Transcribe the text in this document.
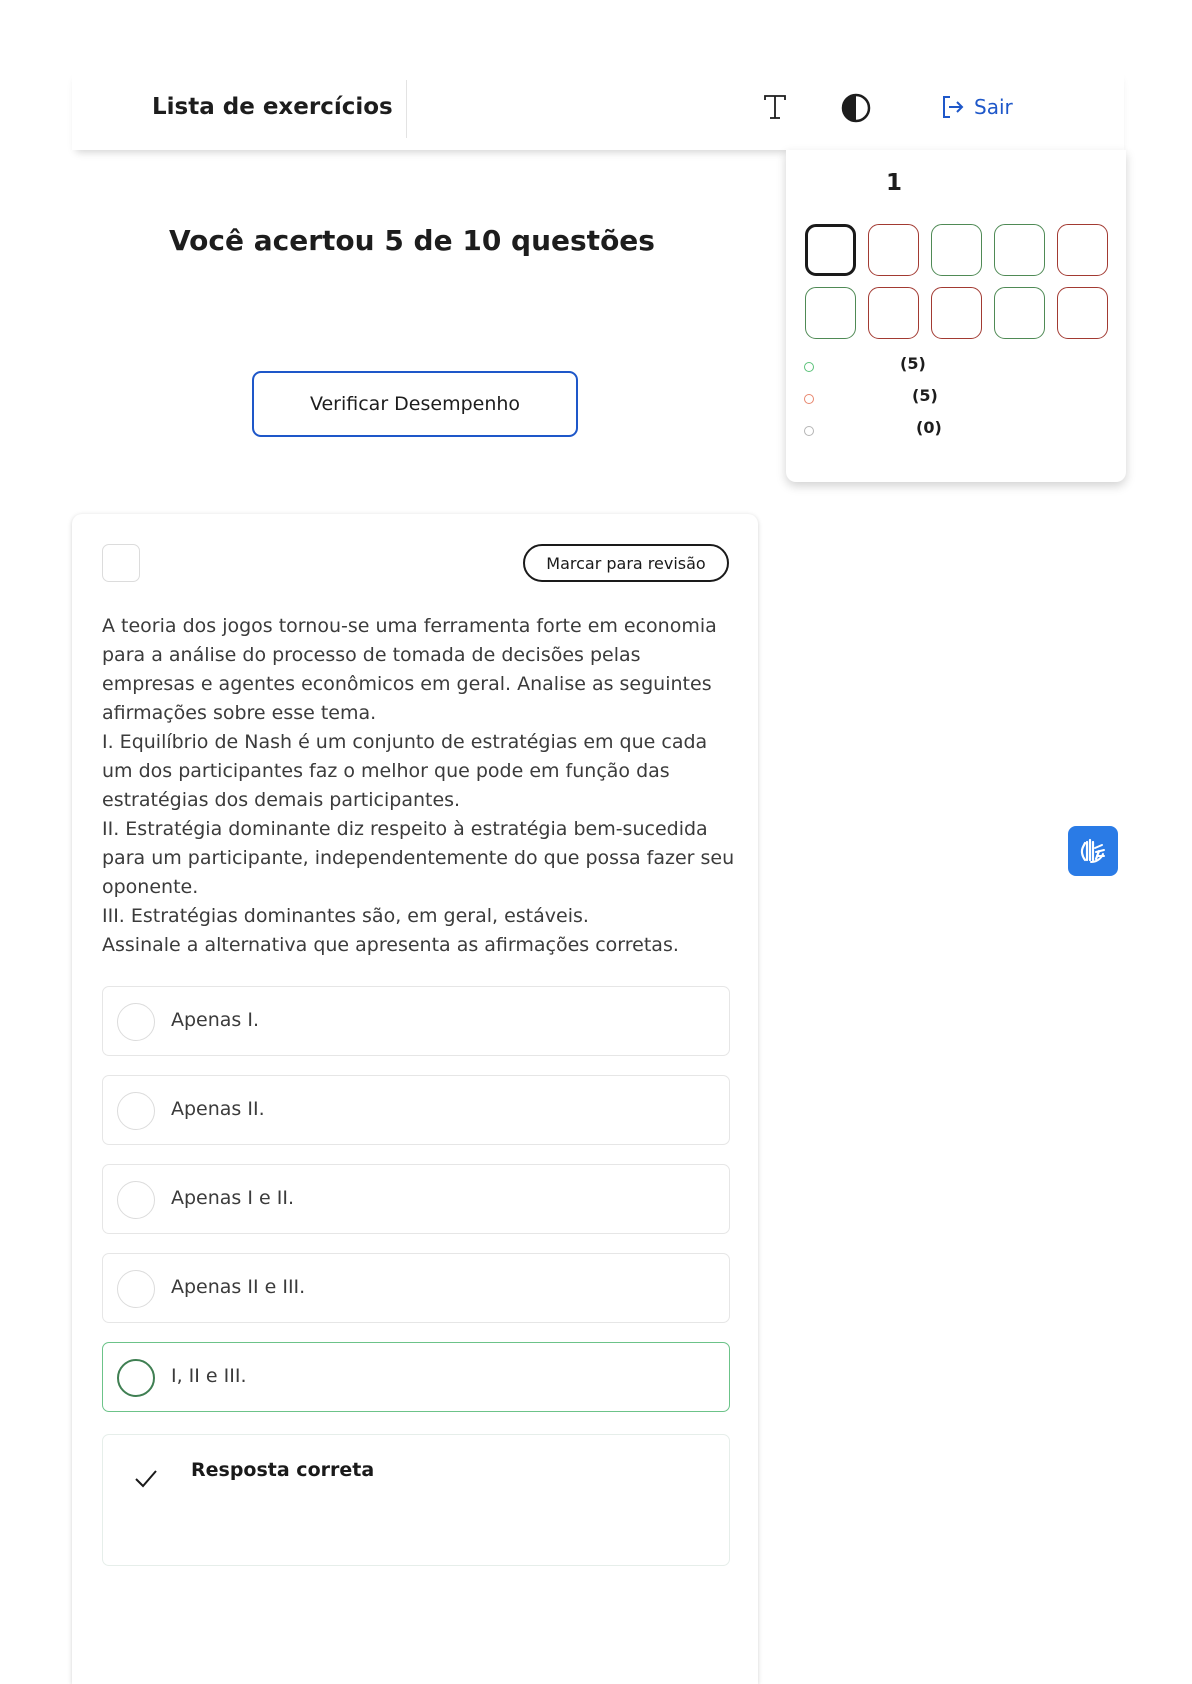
Lista de exercícios	Sair
Você acertou 5 de 10 questões
Verificar Desempenho
1
(5)
(5)
(0)
Marcar para revisão

A teoria dos jogos tornou-se uma ferramenta forte em economia para a análise do processo de tomada de decisões pelas empresas e agentes econômicos em geral. Analise as seguintes afirmações sobre esse tema.

I. Equilíbrio de Nash é um conjunto de estratégias em que cada um dos participantes faz o melhor que pode em função das estratégias dos demais participantes.

II. Estratégia dominante diz respeito à estratégia bem-sucedida para um participante, independentemente do que possa fazer seu oponente.

III. Estratégias dominantes são, em geral, estáveis.

Assinale a alternativa que apresenta as afirmações corretas.

Apenas I.
Apenas II.
Apenas I e II.
Apenas II e III.
I, II e III.
Resposta correta
